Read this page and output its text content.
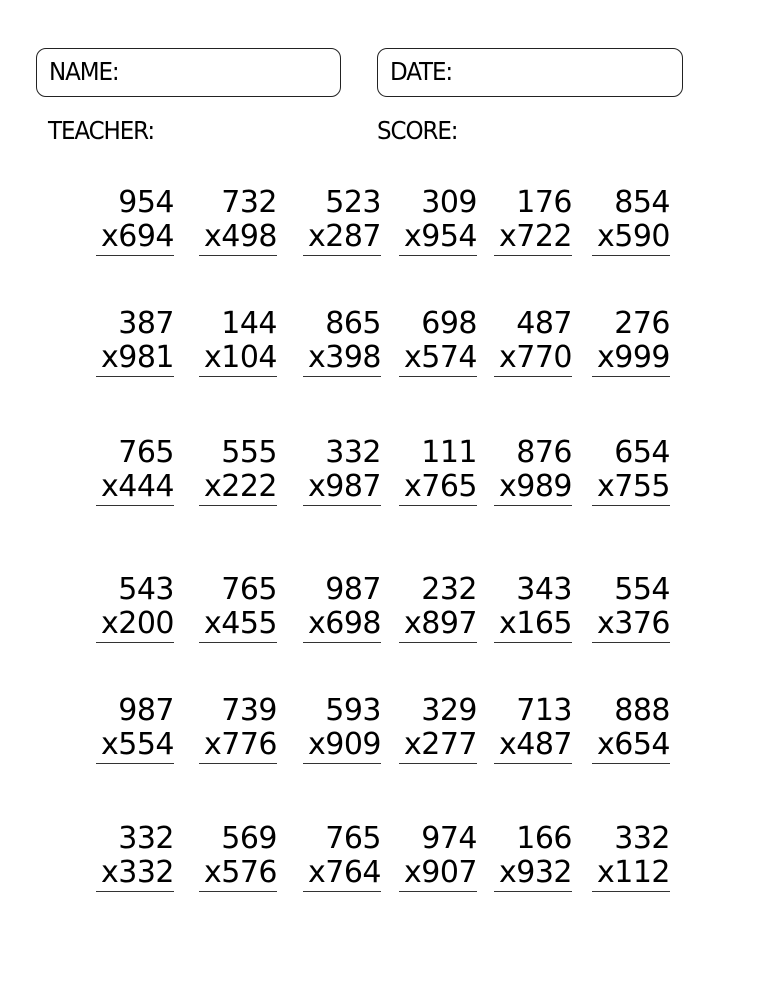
NAME:	DATE:
TEACHER:	SCORE:
954
x694
732
x498
523
x287
309
x954
176
x722
854
x590
387
x981
144
x104
865
x398
698
x574
487
x770
276
x999
765
x444
555
x222
332
x987
111
x765
876
x989
654
x755
543
x200
765
x455
987
x698
232
x897
343
x165
554
x376
987
x554
739
x776
593
x909
329
x277
713
x487
888
x654
332
x332
569
x576
765
x764
974
x907
166
x932
332
x112
